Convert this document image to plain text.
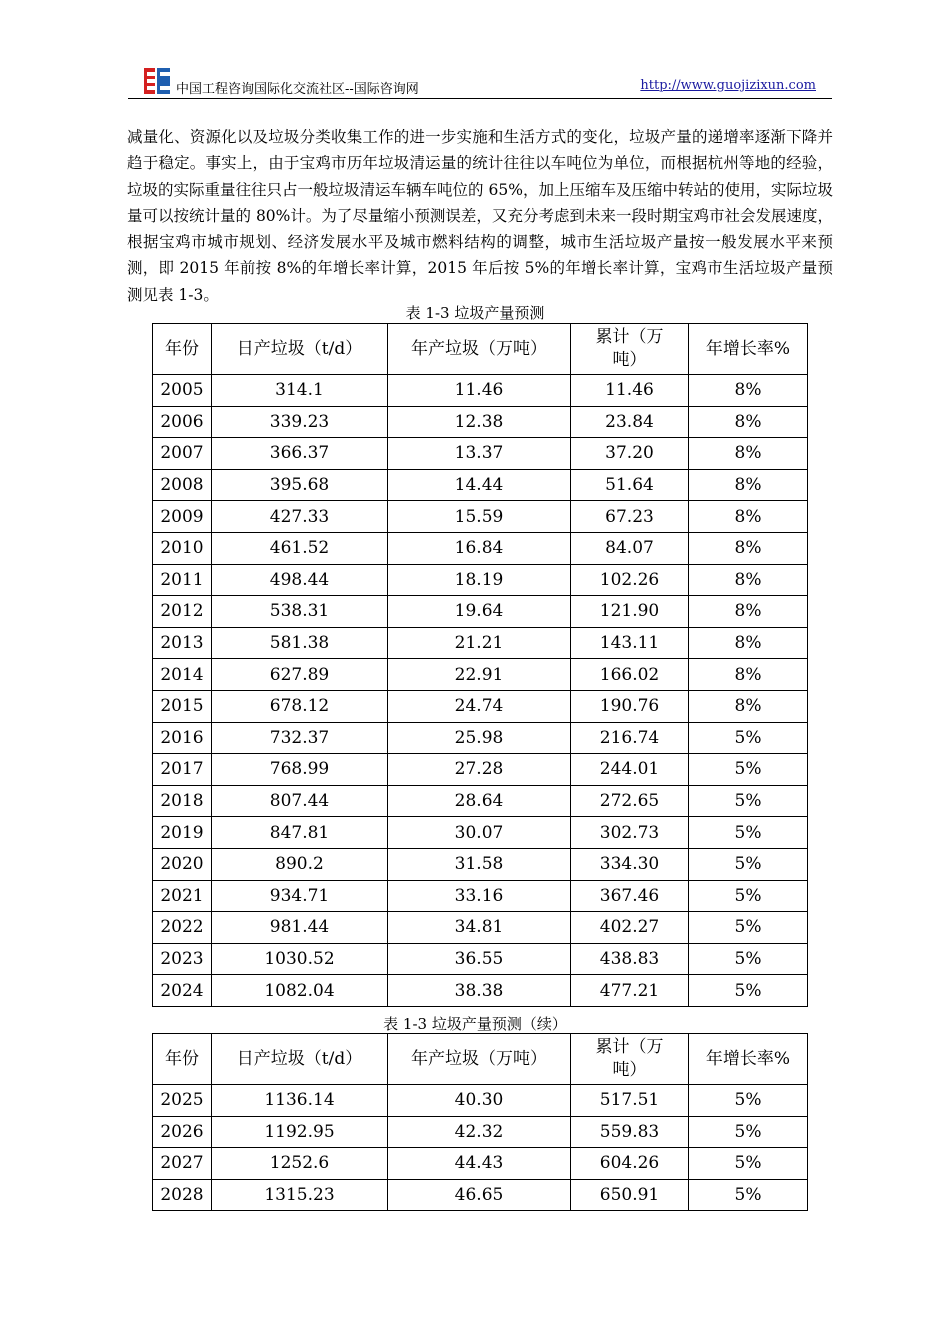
中国工程咨询国际化交流社区--国际咨询网	http://www.guojizixun.com

减量化、资源化以及垃圾分类收集工作的进一步实施和生活方式的变化，垃圾产量的递增率逐渐下降并趋于稳定。事实上，由于宝鸡市历年垃圾清运量的统计往往以车吨位为单位，而根据杭州等地的经验，垃圾的实际重量往往只占一般垃圾清运车辆车吨位的 65%，加上压缩车及压缩中转站的使用，实际垃圾量可以按统计量的 80%计。为了尽量缩小预测误差，又充分考虑到未来一段时期宝鸡市社会发展速度，根据宝鸡市城市规划、经济发展水平及城市燃料结构的调整，城市生活垃圾产量按一般发展水平来预测，即 2015 年前按 8%的年增长率计算，2015 年后按 5%的年增长率计算，宝鸡市生活垃圾产量预测见表 1-3。

表 1-3 垃圾产量预测
年份	日产垃圾（t/d）	年产垃圾（万吨）	累计（万吨）	年增长率%
2005	314.1	11.46	11.46	8%
2006	339.23	12.38	23.84	8%
2007	366.37	13.37	37.20	8%
2008	395.68	14.44	51.64	8%
2009	427.33	15.59	67.23	8%
2010	461.52	16.84	84.07	8%
2011	498.44	18.19	102.26	8%
2012	538.31	19.64	121.90	8%
2013	581.38	21.21	143.11	8%
2014	627.89	22.91	166.02	8%
2015	678.12	24.74	190.76	8%
2016	732.37	25.98	216.74	5%
2017	768.99	27.28	244.01	5%
2018	807.44	28.64	272.65	5%
2019	847.81	30.07	302.73	5%
2020	890.2	31.58	334.30	5%
2021	934.71	33.16	367.46	5%
2022	981.44	34.81	402.27	5%
2023	1030.52	36.55	438.83	5%
2024	1082.04	38.38	477.21	5%
表 1-3 垃圾产量预测（续）
年份	日产垃圾（t/d）	年产垃圾（万吨）	累计（万吨）	年增长率%
2025	1136.14	40.30	517.51	5%
2026	1192.95	42.32	559.83	5%
2027	1252.6	44.43	604.26	5%
2028	1315.23	46.65	650.91	5%
